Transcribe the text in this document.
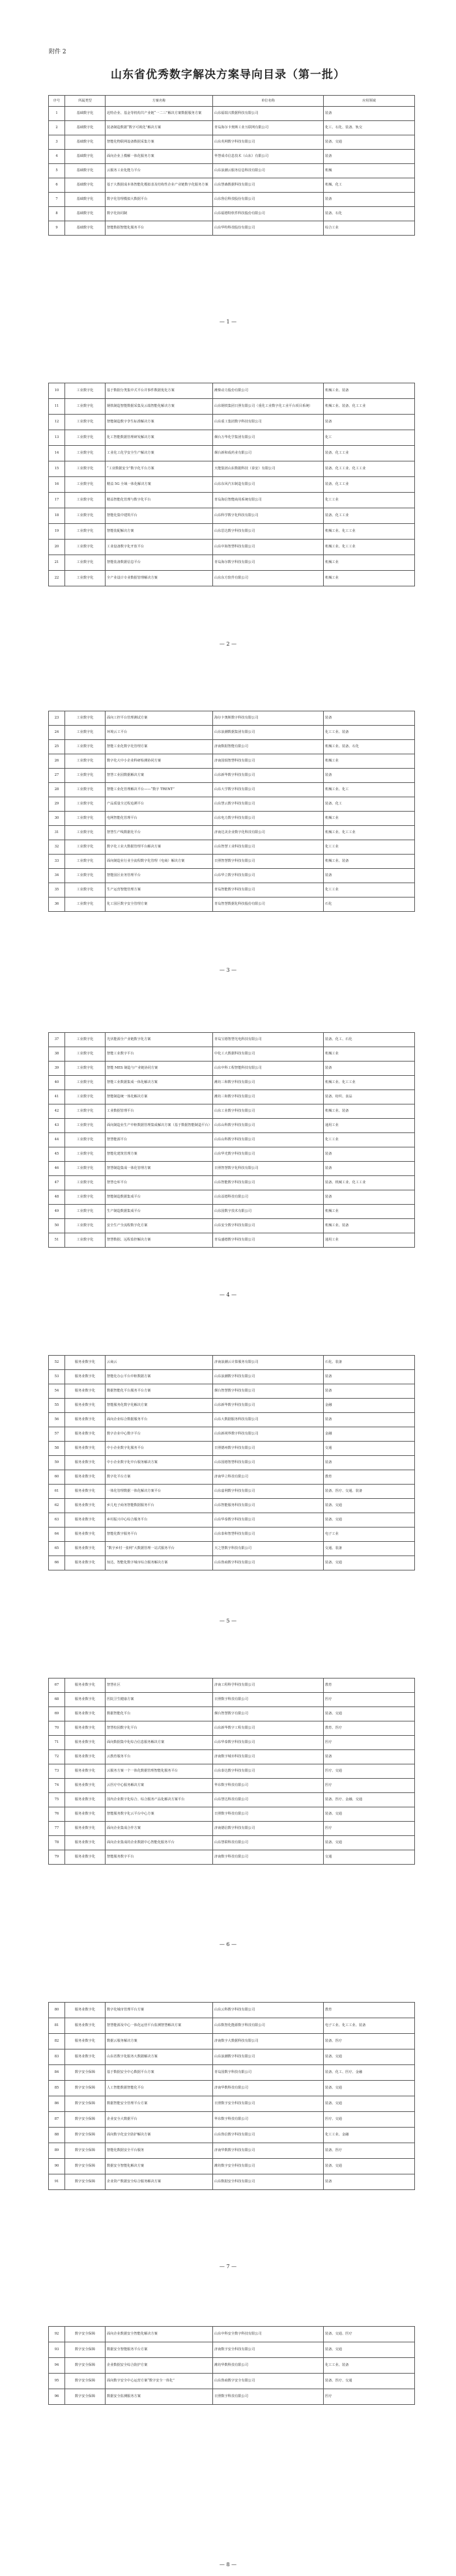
附件 2
山东省优秀数字解决方案导向目录（第一批）
序号	所属类型	方案名称	单位名称	应用领域
1	基础数字化	迅特企业、基金等机构共产业链“一二三”解决方案数据服务方案	山东福瑞兴数据科技有限公司	装备
2	基础数字化	装备制造数据“数字可视化”解决方案	青岛海尔卡奥斯工业互联网有限公司	化工、石化、装备、轨交
3	基础数字化	智能化物联网设备数据采集方案	山东英网数字科技有限公司	装备、交通
4	基础数字化	面向企业上模解一体化服务方案	华慧成卓信息技术（山东）有限公司	装备
5	基础数字化	云服务工业化能力平台	山东浪潮云服务信息科技有限公司	机械
6	基础数字化	基于大数据成本体智能化模拟表及结构性企业产业链数字化服务方案	山东慧森数据科技有限公司	机械、化工
7	基础数字化	数字化管理模拟大数据平台	山东鲁信科技股份有限公司	装备
8	基础数字化	数字化协同制	山东福德特软件科技股份有限公司	装备、石化
9	基础数字化	智能数据智能化服务平台	山东华特科技股份有限公司	综合工业
— 1 —
10	工业数字化	基于数据分类集中式平台并事件数据优化方案	潍柴动力股份有限公司	机械工业、装备
11	工业数字化	钢铁制造智能数据采集及云端智能化解决方案	山东钢铁集团日照有限公司（重化工业数字化工业平台项目系统）	机械工业、装备、化工工业
12	工业数字化	智能制造数字孪生标准解决方案	山东重工集团数字科技有限公司	装备
13	工业数字化	化工智能数据管理研发解决方案	烟台万华化学集团有限公司	化工
14	工业数字化	工业化工化学安全生产解决方案	烟台新和成药业有限公司	装备、化工工业
15	工业数字化	“工业数据安全”数字化平台方案	天能集团山东数据科技（泰安）有限公司	装备、化工工业、化工工业
16	工业数字化	精益 5G 全域一体化解决方案	山东东风汽车制造有限公司	装备、化工工业
17	工业数字化	精益智能化管理与数字化平台	青岛海信智能商用系统有限公司	化工工业
18	工业数字化	智能化集中建筑平台	山东科学数字化科技有限公司	装备、化工工业
19	工业数字化	智能装配解决方案	山东思达数字科技有限公司	机械工业、化工工业
20	工业数字化	工业设备数字化开放平台	山东中海智慧科技有限公司	机械工业、化工工业
21	工业数字化	智能装备数据信息平台	青岛海尔数字科技有限公司	机械工业
22	工业数字化	全产业设计专业数据管理解决方案	山东东方软件有限公司	机械工业
— 2 —
23	工业数字化	面向工控平台管理测试方案	海尔卡奥斯数字科技有限公司	装备
24	工业数字化	环境云工平台	山东浪潮数据集团有限公司	化工工业、装备
25	工业数字化	智能工业化数字化管理方案	济南数据智能有限公司	机械工业、装备、石化
26	工业数字化	数字化大中小企业科研检测协同方案	济南国瑞智慧科技有限公司	机械工业
27	工业数字化	智慧工业园数据解决方案	山东新华数字科技有限公司	装备
28	工业数字化	智能工业化管理解决平台——“数字 TRENT”	山东大学数字科技有限公司	机械工业、化工
29	工业数字化	产品质量全过程追溯平台	山东慧云数字科技有限公司	装备、化工
30	工业数字化	电网智能化管理平台	山东电力数字科技有限公司	机械工业
31	工业数字化	智慧生产线数据化平台	济南达美企业数字化科技有限公司	机械工业、化工工业
32	工业数字化	数字化工业大数据管理平台解决方案	山东智慧工业科技有限公司	化工工业
33	工业数字化	面向制造业行业全流程数字化管理（电商）解决方案	日照智慧数字科技有限公司	机械工业、装备
34	工业数字化	智能园区业务管理平台	山东华立数字科技有限公司	装备
35	工业数字化	生产运营智能管理方案	青岛智能数字科技有限公司	化工工业
36	工业数字化	化工园区数字安全管理方案	青岛智慧数据化科技股份有限公司	石化
— 3 —
37	工业数字化	光伏能源全产业链数字化方案	青岛宝德智慧光电科技有限公司	装备、化工、石化
38	工业数字化	智能工业数字平台	中化工大数据科技有限公司	机械工业
39	工业数字化	智能 MES 制造与产业链协同方案	山东中科工程智能科技有限公司	装备
40	工业数字化	智能工业数据集成一体化解决方案	潍坊三和数字科技有限公司	机械工业、化工工业
41	工业数字化	智能制造统一体化解决方案	潍坊三和数字科技有限公司	装备、纺织、食品
42	工业数字化	工业数据管理平台	山东工业数字科技有限公司	机械工业、装备
43	工业数字化	面向制造业生产中枢数据管理集成解决方案（基于数据智能制造平台）	山东山科数字科技有限公司	通用工业
44	工业数字化	智慧能源平台	山东山科数字科技有限公司	化工工业
45	工业数字化	智能化建筑管理方案	山东华光数字科技有限公司	装备
46	工业数字化	智慧制造集成一体化管理方案	日照智慧数字化科技有限公司	装备
47	工业数字化	智慧仓库平台	山东智能数字科技有限公司	装备、机械工业、化工工业
48	工业数字化	智能制造数据集成平台	山东益德科技有限公司	装备
49	工业数字化	生产制造数据集成平台	山东国数字技术有限公司	机械工业
50	工业数字化	安全生产全流程数字化方案	山东安全数字科技有限公司	机械工业、装备
51	工业数字化	智慧数据、远程监控解决方案	青岛盛德数字科技有限公司	通用工业
— 4 —
52	服务业数字化	云商云	济南浪潮云计算服务有限公司	石化、装备
53	服务业数字化	智能化办公平台中枢数据方案	山东浪潮数字科技有限公司	装备
54	服务业数字化	数据智能化平台服务平台方案	烟台智慧数字科技有限公司	装备
55	服务业数字化	智能服务化数字化解决方案	山东新华数字科技有限公司	金融
56	服务业数字化	面向企业综合数据服务平台	山东大数据服务科技有限公司	装备
57	服务业数字化	数字企业中心数字平台	山东新视界数字科技有限公司	金融
58	服务业数字化	中小企业数字化服务平台	日照德州数字科技有限公司	交通
59	服务业数字化	中小企业数字化中台服务解决方案	山东国德智慧科技有限公司	装备
60	服务业数字化	数字化平台方案	济南华立科技有限公司	教育
61	服务业数字化	一体化管理数据一体化解决方案平台	山东嘉利数字科技有限公司	装备、医疗、交通、装备
62	服务业数字化	乡儿电子商务智能数据服务平台	山东智能服务科技有限公司	装备、交通
63	服务业数字化	乡村振兴中心综合服务平台	山东华泰数字科技有限公司	装备、交通
64	服务业数字化	智能化数字服务平台	山东泰和智慧科技有限公司	电子工业
65	服务业数字化	“数字乡村一张网”大数据管理一站式服务平台	天之慧数字科技有限公司	交通、装备
66	服务业数字化	知达，智能化数字城市综合服务解决方案	山东鲁商数字科技有限公司	装备、交通
— 5 —
67	服务业数字化	智慧社区	济南工程科学科技有限公司	教育
68	服务业数字化	医院卫生健康方案	日照数字科技有限公司	医疗
69	服务业数字化	数据智能化平台	烟台智慧数字有限公司	装备、交通
70	服务业数字化	智慧校园数字化平台	山东新华数字工程有限公司	教育、医疗
71	服务业数字化	面向数据集中化综合信息服务解决方案	山东华泰数字科技有限公司	医疗
72	服务业数字化	云教育服务平台	济南数字城市科技有限公司	装备
73	服务业数字化	云服务方案一个一体化数据管理智能化服务平台	山东泰达数字科技有限公司	医疗、交通
74	服务业数字化	云医疗中心服务解决方案	华东数字科技有限公司	医疗
75	服务业数字化	国内企业数字化综合、综合服务产品化解决方案平台	山东慧达科技有限公司	装备、医疗、金融、交通
76	服务业数字化	智能服务数字化云平台中心方案	日照数字科技有限公司	装备、交通
77	服务业数字化	面向企业集成合作方案	济南德信数字科技有限公司	医疗
78	服务业数字化	面向企业集成的企业数据中心智能化服务平台	山东慧联科技有限公司	装备、交通
79	服务业数字化	智能服务数字平台	济南数字科技有限公司	交通
— 6 —
80	服务业数字化	数字化城市管理平台方案	山东云科数字科技有限公司	教育
81	服务业数字化	智慧能源及中心一体化运营平台监测智慧解决方案	山东数智化能源数字科技有限公司	电子工业、化工工业、装备
82	服务业数字化	数据云服务解决方案	济南数字大数据科技有限公司	装备、医疗
83	服务业数字化	山东省数字化服务大数据解决方案	山东浪潮数字科技有限公司	装备、交通
84	数字安全保障	基于数据安全中心数据平台方案	青岛国数字科技有限公司	装备、化工、医疗、金融
85	数字安全保障	人工智能数据智能化平台	济南华数科技有限公司	装备、交通
86	数字安全保障	数据智能安全管理平台方案	日照数字安全科技有限公司	装备、交通
87	数字安全保障	企业安全大数据平台	华东数字科技有限公司	医疗、交通
88	数字安全保障	面向数字化安全防护解决方案	山东鲁信数字科技有限公司	化工工业、金融
89	数字安全保障	智能化数据安全平台服务	济南华数数字科技有限公司	装备、医疗
90	数字安全保障	数据安全智能化解决方案	潍坊数字安全科技有限公司	装备、交通
91	数字安全保障	企业资产数据安全综合服务解决方案	山东数据安全科技有限公司	装备
— 7 —
92	数字安全保障	面向企业数据安全智能化解决方案	山东中科安全数字科技有限公司	装备、交通、医疗
93	数字安全保障	数据安全智能服务平台方案	济南数字安全科技有限公司	装备、交通
94	数字安全保障	企业数据安全综合防护方案	潍坊华数科技有限公司	化工工业、装备
95	数字安全保障	面向数字安全中心运营方案“数字安全一体化”	山东鲁商数字安全有限公司	装备、医疗、交通
96	数字安全保障	数据安全监测服务方案	日照数字科技有限公司	医疗
— 8 —
